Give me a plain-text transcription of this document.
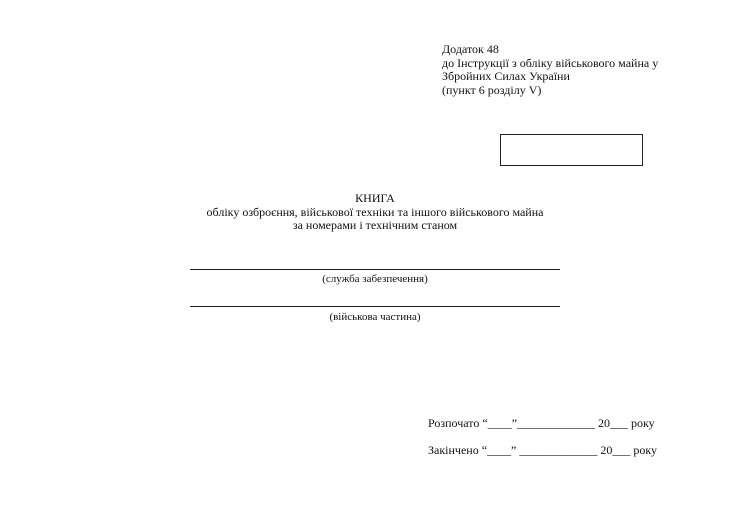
Додаток 48
до Інструкції з обліку військового майна у
Збройних Силах України
(пункт 6 розділу V)
КНИГА
обліку озброєння, військової техніки та іншого військового майна
за номерами і технічним станом
(служба забезпечення)
(військова частина)
Розпочато “____”_____________ 20___ року
Закінчено “____” _____________ 20___ року
